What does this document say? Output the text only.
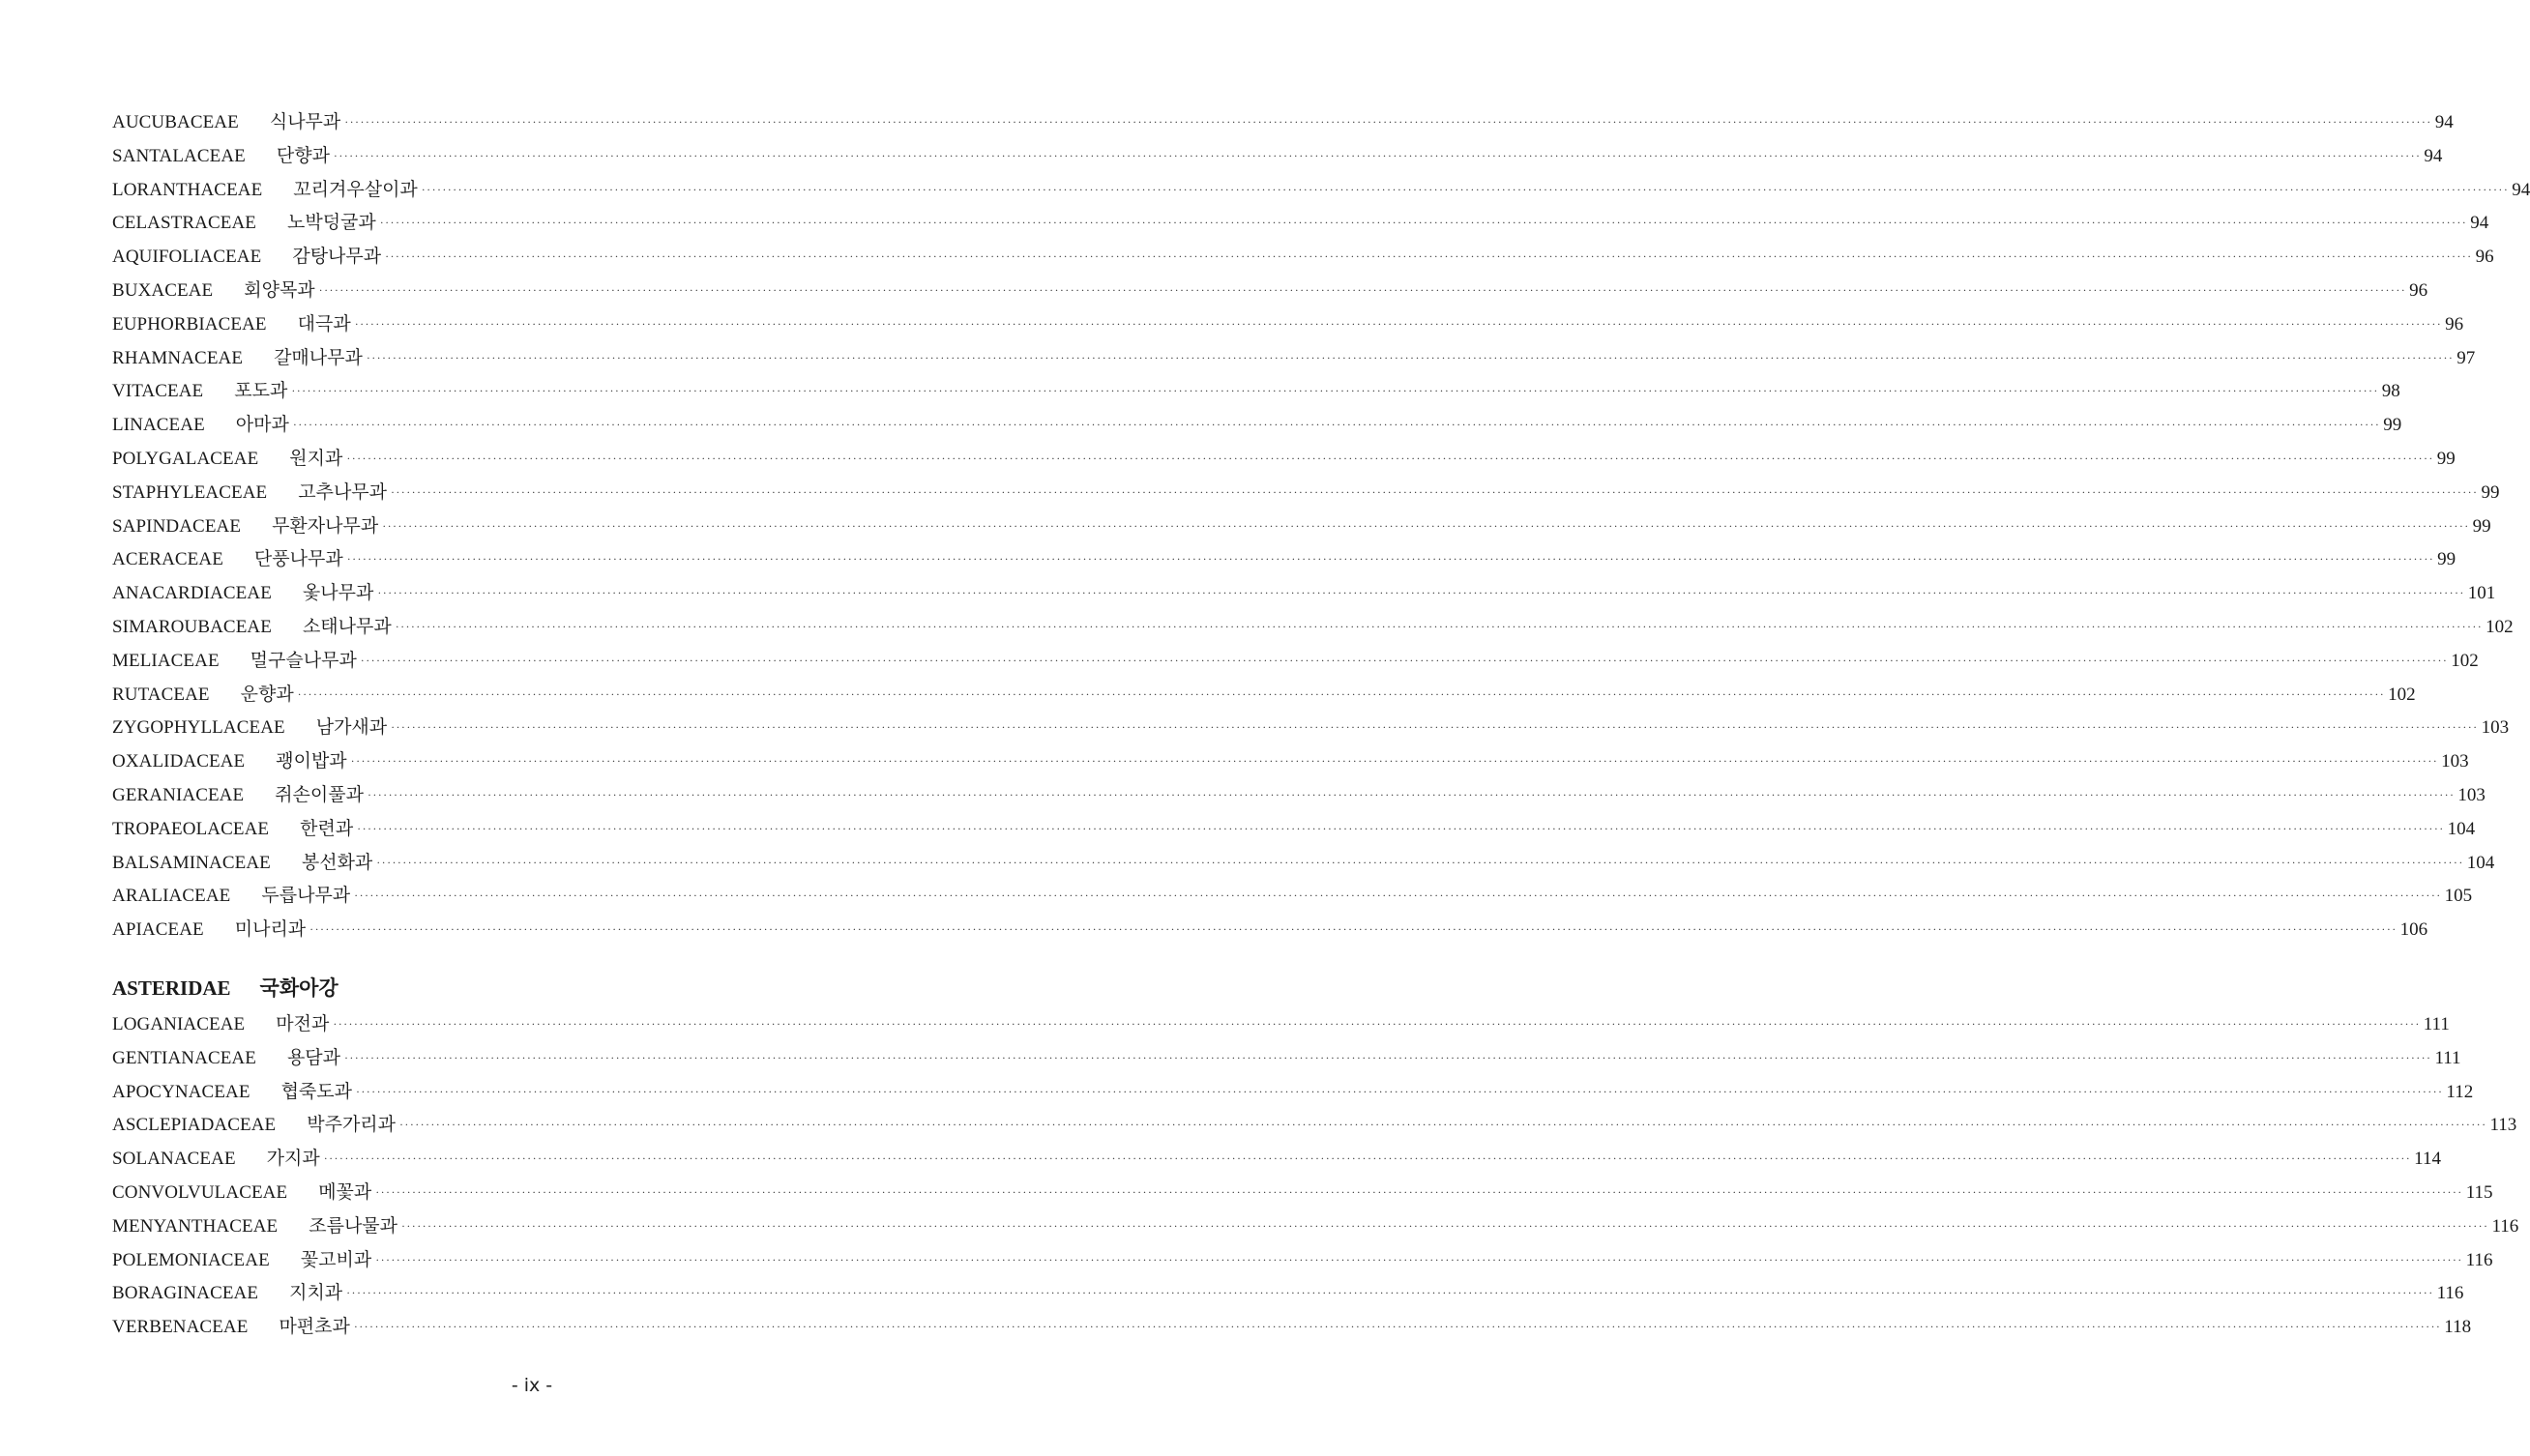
AUCUBACEAE 식나무과 ················································································································································································································································································································································································································ 94
SANTALACEAE 단향과 ················································································································································································································································································································································································································ 94
LORANTHACEAE 꼬리겨우살이과 ················································································································································································································································································································································································································ 94
CELASTRACEAE 노박덩굴과 ················································································································································································································································································································································································································ 94
AQUIFOLIACEAE 감탕나무과 ················································································································································································································································································································································································································ 96
BUXACEAE 회양목과 ················································································································································································································································································································································································································ 96
EUPHORBIACEAE 대극과 ················································································································································································································································································································································································································ 96
RHAMNACEAE 갈매나무과 ················································································································································································································································································································································································································ 97
VITACEAE 포도과 ················································································································································································································································································································································································································ 98
LINACEAE 아마과 ················································································································································································································································································································································································································ 99
POLYGALACEAE 원지과 ················································································································································································································································································································································································································ 99
STAPHYLEACEAE 고추나무과 ················································································································································································································································································································································································································ 99
SAPINDACEAE 무환자나무과 ················································································································································································································································································································································································································ 99
ACERACEAE 단풍나무과 ················································································································································································································································································································································································································ 99
ANACARDIACEAE 옻나무과 ················································································································································································································································································································································································································ 101
SIMAROUBACEAE 소태나무과 ················································································································································································································································································································································································································ 102
MELIACEAE 멀구슬나무과 ················································································································································································································································································································································································································ 102
RUTACEAE 운향과 ················································································································································································································································································································································································································ 102
ZYGOPHYLLACEAE 남가새과 ················································································································································································································································································································································································································ 103
OXALIDACEAE 괭이밥과 ················································································································································································································································································································································································································ 103
GERANIACEAE 쥐손이풀과 ················································································································································································································································································································································································································ 103
TROPAEOLACEAE 한련과 ················································································································································································································································································································································································································ 104
BALSAMINACEAE 봉선화과 ················································································································································································································································································································································································································ 104
ARALIACEAE 두릅나무과 ················································································································································································································································································································································································································ 105
APIACEAE 미나리과 ················································································································································································································································································································································································································ 106
ASTERIDAE 국화아강
LOGANIACEAE 마전과 ················································································································································································································································································································································································································ 111
GENTIANACEAE 용담과 ················································································································································································································································································································································································································ 111
APOCYNACEAE 협죽도과 ················································································································································································································································································································································································································ 112
ASCLEPIADACEAE 박주가리과 ················································································································································································································································································································································································································ 113
SOLANACEAE 가지과 ················································································································································································································································································································································································································ 114
CONVOLVULACEAE 메꽃과 ················································································································································································································································································································································································································ 115
MENYANTHACEAE 조름나물과 ················································································································································································································································································································································································································ 116
POLEMONIACEAE 꽃고비과 ················································································································································································································································································································································································································ 116
BORAGINACEAE 지치과 ················································································································································································································································································································································································································ 116
VERBENACEAE 마편초과 ················································································································································································································································································································································································································ 118
- ix -
